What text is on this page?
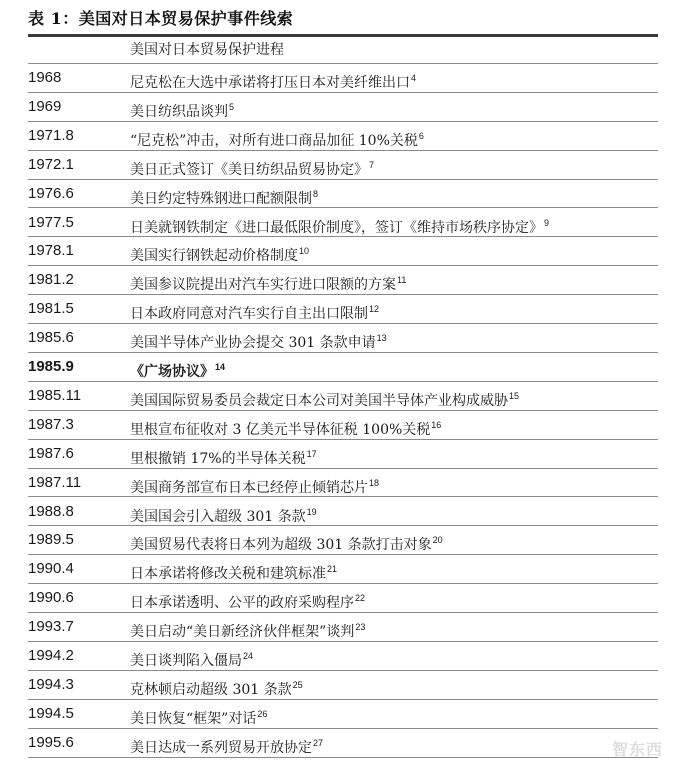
表 1：美国对日本贸易保护事件线索
美国对日本贸易保护进程
1968	尼克松在大选中承诺将打压日本对美纤维出口$^4$
1969	美日纺织品谈判$^5$
1971.8	“尼克松”冲击，对所有进口商品加征 10%关税$^6$
1972.1	美日正式签订《美日纺织品贸易协定》$^7$
1976.6	美日约定特殊钢进口配额限制$^8$
1977.5	日美就钢铁制定《进口最低限价制度》，签订《维持市场秩序协定》$^9$
1978.1	美国实行钢铁起动价格制度$^{10}$
1981.2	美国参议院提出对汽车实行进口限额的方案$^{11}$
1981.5	日本政府同意对汽车实行自主出口限制$^{12}$
1985.6	美国半导体产业协会提交 301 条款申请$^{13}$
1985.9	《广场协议》$^{14}$
1985.11	美国国际贸易委员会裁定日本公司对美国半导体产业构成威胁$^{15}$
1987.3	里根宣布征收对 3 亿美元半导体征税 100%关税$^{16}$
1987.6	里根撤销 17%的半导体关税$^{17}$
1987.11	美国商务部宣布日本已经停止倾销芯片$^{18}$
1988.8	美国国会引入超级 301 条款$^{19}$
1989.5	美国贸易代表将日本列为超级 301 条款打击对象$^{20}$
1990.4	日本承诺将修改关税和建筑标准$^{21}$
1990.6	日本承诺透明、公平的政府采购程序$^{22}$
1993.7	美日启动“美日新经济伙伴框架”谈判$^{23}$
1994.2	美日谈判陷入僵局$^{24}$
1994.3	克林顿启动超级 301 条款$^{25}$
1994.5	美日恢复“框架”对话$^{26}$
1995.6	美日达成一系列贸易开放协定$^{27}$	智东西
